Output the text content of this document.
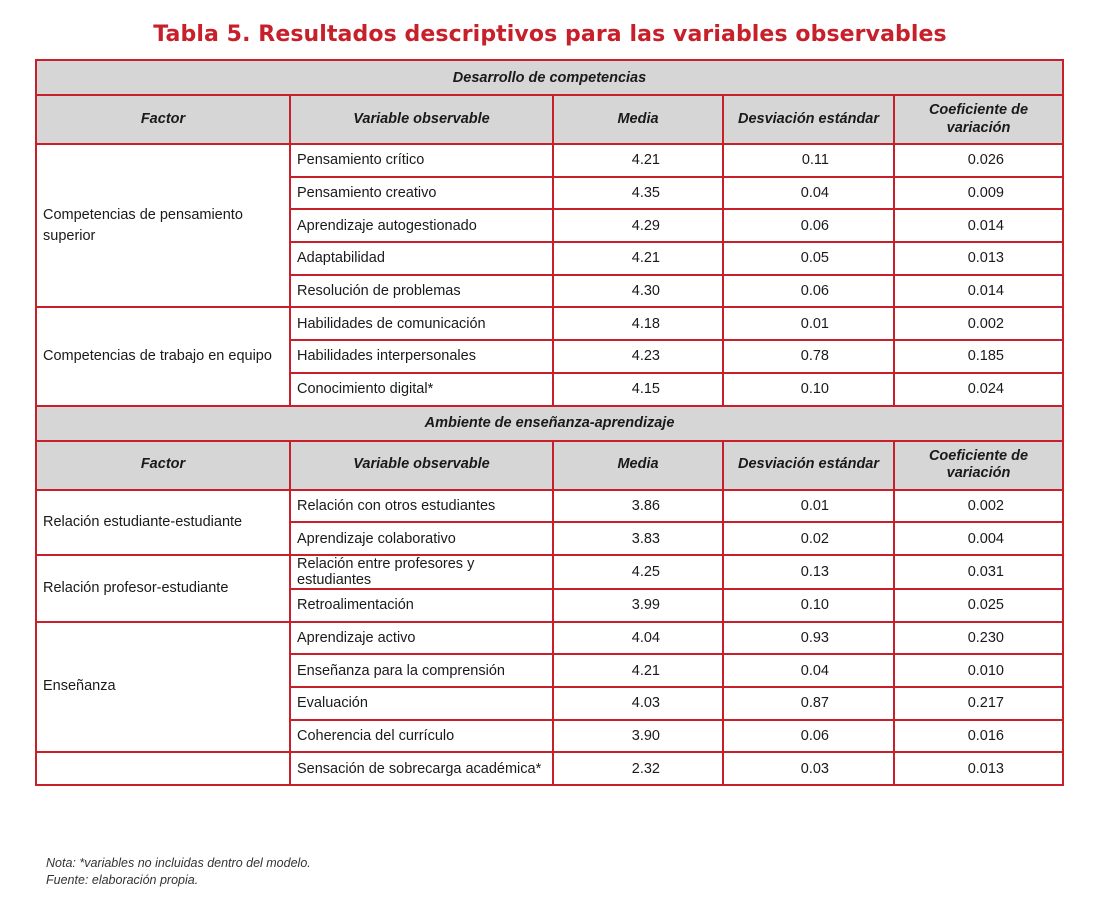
Tabla 5. Resultados descriptivos para las variables observables
Desarrollo de competencias				
Factor	Variable observable	Media	Desviación estándar	Coeficiente de variación
Competencias de pensamiento superior	Pensamiento crítico	4.21	0.11	0.026
	Pensamiento creativo	4.35	0.04	0.009
	Aprendizaje autogestionado	4.29	0.06	0.014
	Adaptabilidad	4.21	0.05	0.013
	Resolución de problemas	4.30	0.06	0.014
Competencias de trabajo en equipo	Habilidades de comunicación	4.18	0.01	0.002
	Habilidades interpersonales	4.23	0.78	0.185
	Conocimiento digital*	4.15	0.10	0.024
Ambiente de enseñanza-aprendizaje				
Factor	Variable observable	Media	Desviación estándar	Coeficiente de variación
Relación estudiante-estudiante	Relación con otros estudiantes	3.86	0.01	0.002
	Aprendizaje colaborativo	3.83	0.02	0.004
Relación profesor-estudiante	Relación entre profesores y estudiantes	4.25	0.13	0.031
	Retroalimentación	3.99	0.10	0.025
Enseñanza	Aprendizaje activo	4.04	0.93	0.230
	Enseñanza para la comprensión	4.21	0.04	0.010
	Evaluación	4.03	0.87	0.217
	Coherencia del currículo	3.90	0.06	0.016
	Sensación de sobrecarga académica*	2.32	0.03	0.013
Nota: *variables no incluidas dentro del modelo.
Fuente: elaboración propia.
